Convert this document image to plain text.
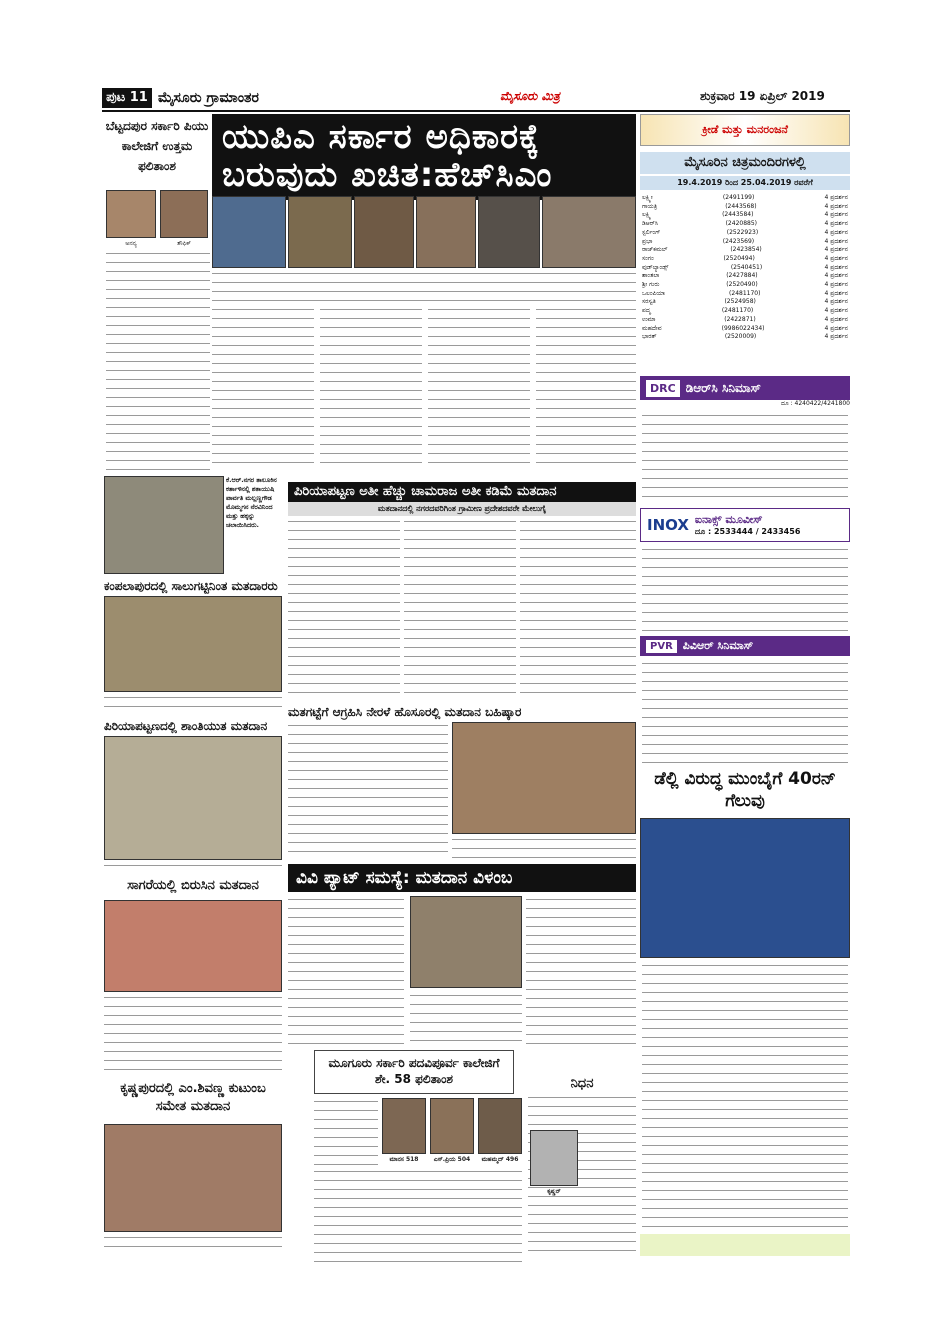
ಪುಟ 11 ಮೈಸೂರು ಗ್ರಾಮಾಂತರ	ಮೈಸೂರು ಮಿತ್ರ	ಶುಕ್ರವಾರ 19 ಏಪ್ರಿಲ್ 2019
ಬೆಟ್ಟದಪುರ ಸರ್ಕಾರಿ ಪಿಯು ಕಾಲೇಜಿಗೆ ಉತ್ತಮ ಫಲಿತಾಂಶ
ಅನನ್ಯ	ತೌಫಿಕ್
ಕೆ.ಆರ್.ನಗರ ತಾಲೂಕಿನ ಕರ್ತಾಳಿನಲ್ಲಿ ಶತಾಯುಷಿ ಪಾರ್ವತಿ ಮಲ್ಲಣ್ಣಗೌಡ ಮೊಮ್ಮಗನ ನೆರವಿನಿಂದ ಮತ್ತು ಹಕ್ಕನ್ನು ಚಲಾಯಿಸಿದರು.
ಕಂಪಲಾಪುರದಲ್ಲಿ ಸಾಲುಗಟ್ಟಿನಿಂತ ಮತದಾರರು
ಪಿರಿಯಾಪಟ್ಟಣದಲ್ಲಿ ಶಾಂತಿಯುತ ಮತದಾನ
ಸಾಗರೆಯಲ್ಲಿ ಬಿರುಸಿನ ಮತದಾನ
ಕೃಷ್ಣಪುರದಲ್ಲಿ ಎಂ.ಶಿವಣ್ಣ ಕುಟುಂಬ ಸಮೇತ ಮತದಾನ
ಯುಪಿಎ ಸರ್ಕಾರ ಅಧಿಕಾರಕ್ಕೆ ಬರುವುದು ಖಚಿತ:ಹೆಚ್‌ಸಿಎಂ
ಪಿರಿಯಾಪಟ್ಟಣ ಅತೀ ಹೆಚ್ಚು ಚಾಮರಾಜ ಅತೀ ಕಡಿಮೆ ಮತದಾನ
ಮತದಾನದಲ್ಲಿ ನಗರದವರಿಗಿಂತ ಗ್ರಾಮೀಣ ಪ್ರದೇಶದವರೇ ಮೇಲುಗೈ
ಮತಗಟ್ಟೆಗೆ ಆಗ್ರಹಿಸಿ ನೇರಳೆ ಹೊಸೂರಲ್ಲಿ ಮತದಾನ ಬಹಿಷ್ಕಾರ
ವಿವಿ ಪ್ಯಾಟ್ ಸಮಸ್ಯೆ: ಮತದಾನ ವಿಳಂಬ
ಮೂಗೂರು ಸರ್ಕಾರಿ ಪದವಿಪೂರ್ವ ಕಾಲೇಜಿಗೆ ಶೇ. 58 ಫಲಿತಾಂಶ
ಮಾನಸ 518	ಎಸ್.ಪ್ರಿಯ 504	ಮಹಮ್ಮದ್ 496
ನಿಧನ
ಕೃಷ್ಣನ್
ಕ್ರೀಡೆ ಮತ್ತು ಮನರಂಜನೆ
ಮೈಸೂರಿನ ಚಿತ್ರಮಂದಿರಗಳಲ್ಲಿ
19.4.2019 ರಿಂದ 25.04.2019 ರವರೆಗೆ
ಲಕ್ಷ್ಮೀ	(2491199)	4 ಪ್ರದರ್ಶನ
ಗಾಯತ್ರಿ	(2443568)	4 ಪ್ರದರ್ಶನ
ಲಕ್ಷ್ಮಿ	(2443584)	4 ಪ್ರದರ್ಶನ
ಡಿಆರ್‌ಸಿ	(2420885)	4 ಪ್ರದರ್ಶನ
ಸ್ಟರ್ಲಿಂಗ್	(2522923)	4 ಪ್ರದರ್ಶನ
ಪ್ರಭಾ	(2423569)	4 ಪ್ರದರ್ಶನ
ರಾಜ್‌ಕಮಲ್	(2423854)	4 ಪ್ರದರ್ಶನ
ಸಂಗಂ	(2520494)	4 ಪ್ರದರ್ಶನ
ವುಡ್‌ಲ್ಯಾಂಡ್ಸ್	(2540451)	4 ಪ್ರದರ್ಶನ
ಶಾಂತಲಾ	(2427884)	4 ಪ್ರದರ್ಶನ
ಶ್ರೀ ಗುರು	(2520490)	4 ಪ್ರದರ್ಶನ
ಒಲಂಪಿಯಾ	(2481170)	4 ಪ್ರದರ್ಶನ
ಸರಸ್ವತಿ	(2524958)	4 ಪ್ರದರ್ಶನ
ಪದ್ಮ	(2481170)	4 ಪ್ರದರ್ಶನ
ಉಮಾ	(2422871)	4 ಪ್ರದರ್ಶನ
ಮಹದೇವ	(9986022434)	4 ಪ್ರದರ್ಶನ
ಭಾರತ್	(2520009)	4 ಪ್ರದರ್ಶನ
DRC ಡಿಆರ್‌ಸಿ ಸಿನಿಮಾಸ್
ದೂ : 4240422/4241800
INOX ಐನಾಕ್ಸ್ ಮೂವೀಸ್
ದೂ : 2533444 / 2433456
PVR ಪಿವಿಆರ್ ಸಿನಿಮಾಸ್
ಡೆಲ್ಲಿ ವಿರುದ್ಧ ಮುಂಬೈಗೆ 40ರನ್ ಗೆಲುವು
